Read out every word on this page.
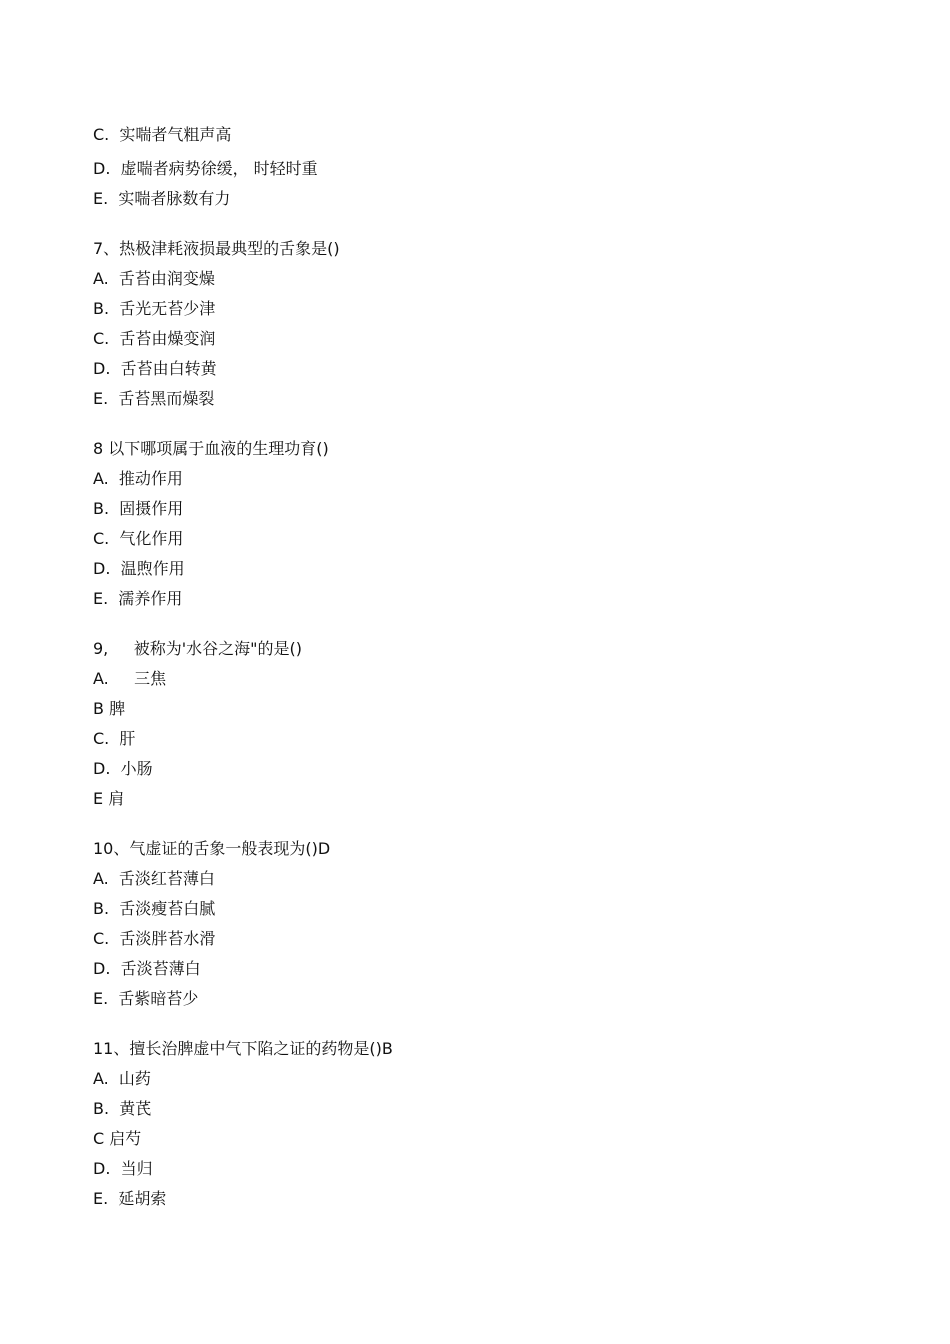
C.  实喘者气粗声高
D.  虚喘者病势徐缓， 时轻时重
E.  实喘者脉数有力
7、热极津耗液损最典型的舌象是()
A.  舌苔由润变燥
B.  舌光无苔少津
C.  舌苔由燥变润
D.  舌苔由白转黄
E.  舌苔黑而燥裂
8 以下哪项属于血液的生理功育()
A.  推动作用
B.  固摄作用
C.  气化作用
D.  温煦作用
E.  濡养作用
9,     被称为'水谷之海"的是()
A.     三焦
B 脾
C.  肝
D.  小肠
E 肩
10、气虚证的舌象一般表现为()D
A.  舌淡红苔薄白
B.  舌淡瘦苔白腻
C.  舌淡胖苔水滑
D.  舌淡苔薄白
E.  舌紫暗苔少
11、擅长治脾虚中气下陷之证的药物是()B
A.  山药
B.  黄芪
C 启芍
D.  当归
E.  延胡索
